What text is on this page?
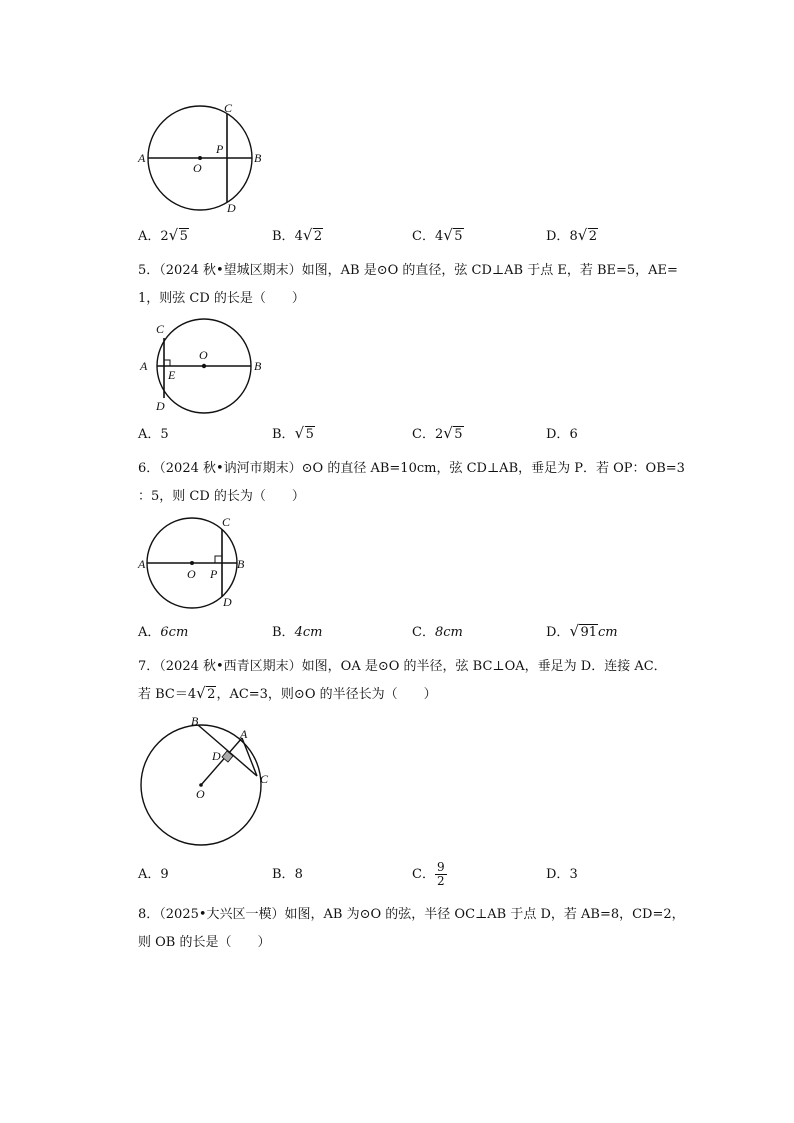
A	B
C
D
O
P
A．2 √ 5	B．4 √ 2	C．4 √ 5	D．8 √ 2
5．（2024 秋•望城区期末）如图，AB 是⊙O 的直径，弦 CD⊥AB 于点 E，若 BE=5，AE=
1，则弦 CD 的长是（　　）
A	B
C
D
E
O
A．5	B． √ 5	C．2 √ 5	D．6
6．（2024 秋•讷河市期末）⊙O 的直径 AB=10cm，弦 CD⊥AB，垂足为 P．若 OP：OB=3
：5，则 CD 的长为（　　）
A	B
C
D
O P
A．6cm	B．4cm	C．8cm	D． √ 91cm
7．（2024 秋•西青区期末）如图，OA 是⊙O 的半径，弦 BC⊥OA，垂足为 D．连接 AC．
若 BC＝4 √ 2，AC=3，则⊙O 的半径长为（　　）
B
A
C
D
O
A．9	B．8	C． $\frac{9}{2}$	D．3
8．（2025•大兴区一模）如图，AB 为⊙O 的弦，半径 OC⊥AB 于点 D，若 AB=8，CD=2，
则 OB 的长是（　　）
